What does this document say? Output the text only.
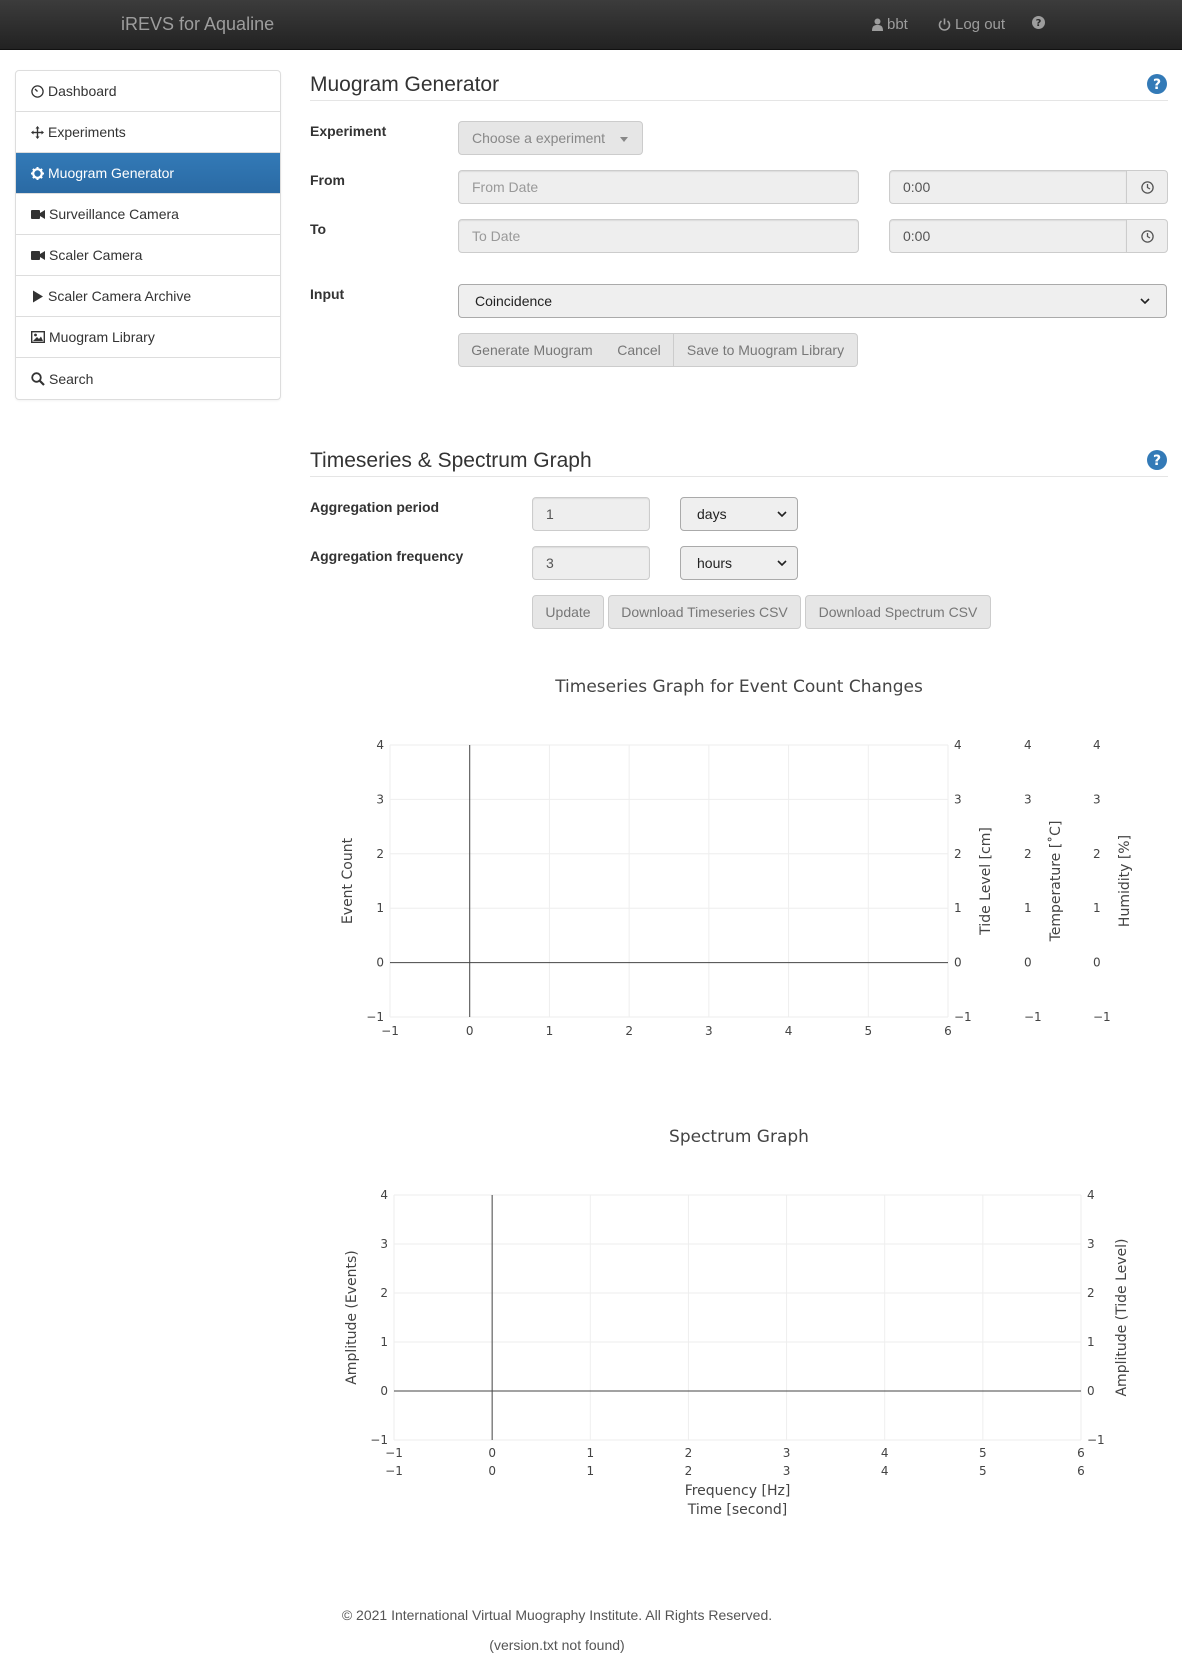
iREVS for Aqualine	bbt	Log out	?
Dashboard
Experiments
Muogram Generator
Surveillance Camera
Scaler Camera
Scaler Camera Archive
Muogram Library
Search
Muogram Generator	?
Experiment	Choose a experiment
From	From Date	0:00
To	To Date	0:00
Input	Coincidence
Generate Muogram	Cancel	Save to Muogram Library
Timeseries & Spectrum Graph	?
Aggregation period	1	days
Aggregation frequency	3	hours
Update	Download Timeseries CSV	Download Spectrum CSV
Timeseries Graph for Event Count Changes
−1	0	1	2	3	4	5	6
−1
0
1
2
3
4
Event Count
−1
0
1
2
3
4
Tide Level [cm]
−1
0
1
2
3
4
Temperature [˚C]
−1
0
1
2
3
4
Humidity [%]
Spectrum Graph
−1
−1
0
0
1
1
2
2
3
3
4
4
5
5
6
6
−1	−1
0	0
1	1
2	2
3	3
4	4
Frequency [Hz]
Time [second]
Amplitude (Events)	Amplitude (Tide Level)
© 2021 International Virtual Muography Institute. All Rights Reserved.
(version.txt not found)
